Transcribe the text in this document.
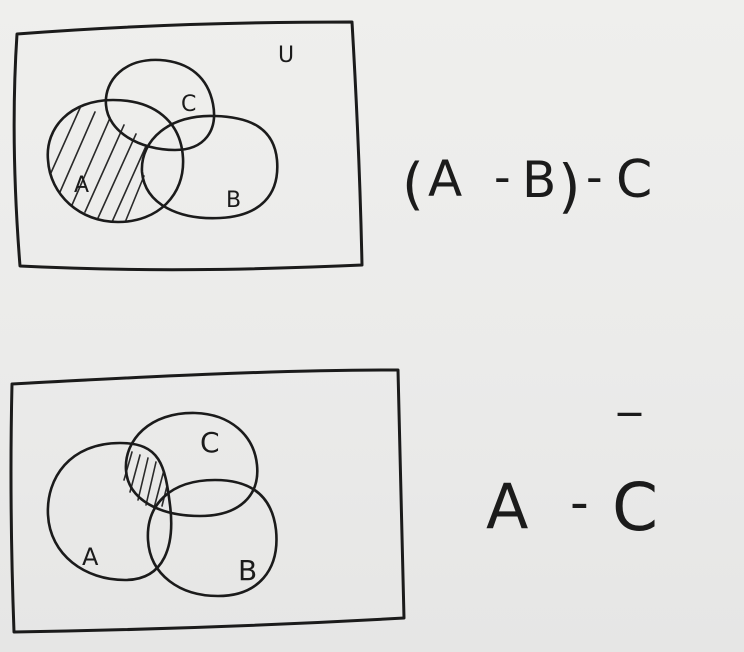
U
A
B
C
( A - B ) - C
A	B
C
A -
‾
C
